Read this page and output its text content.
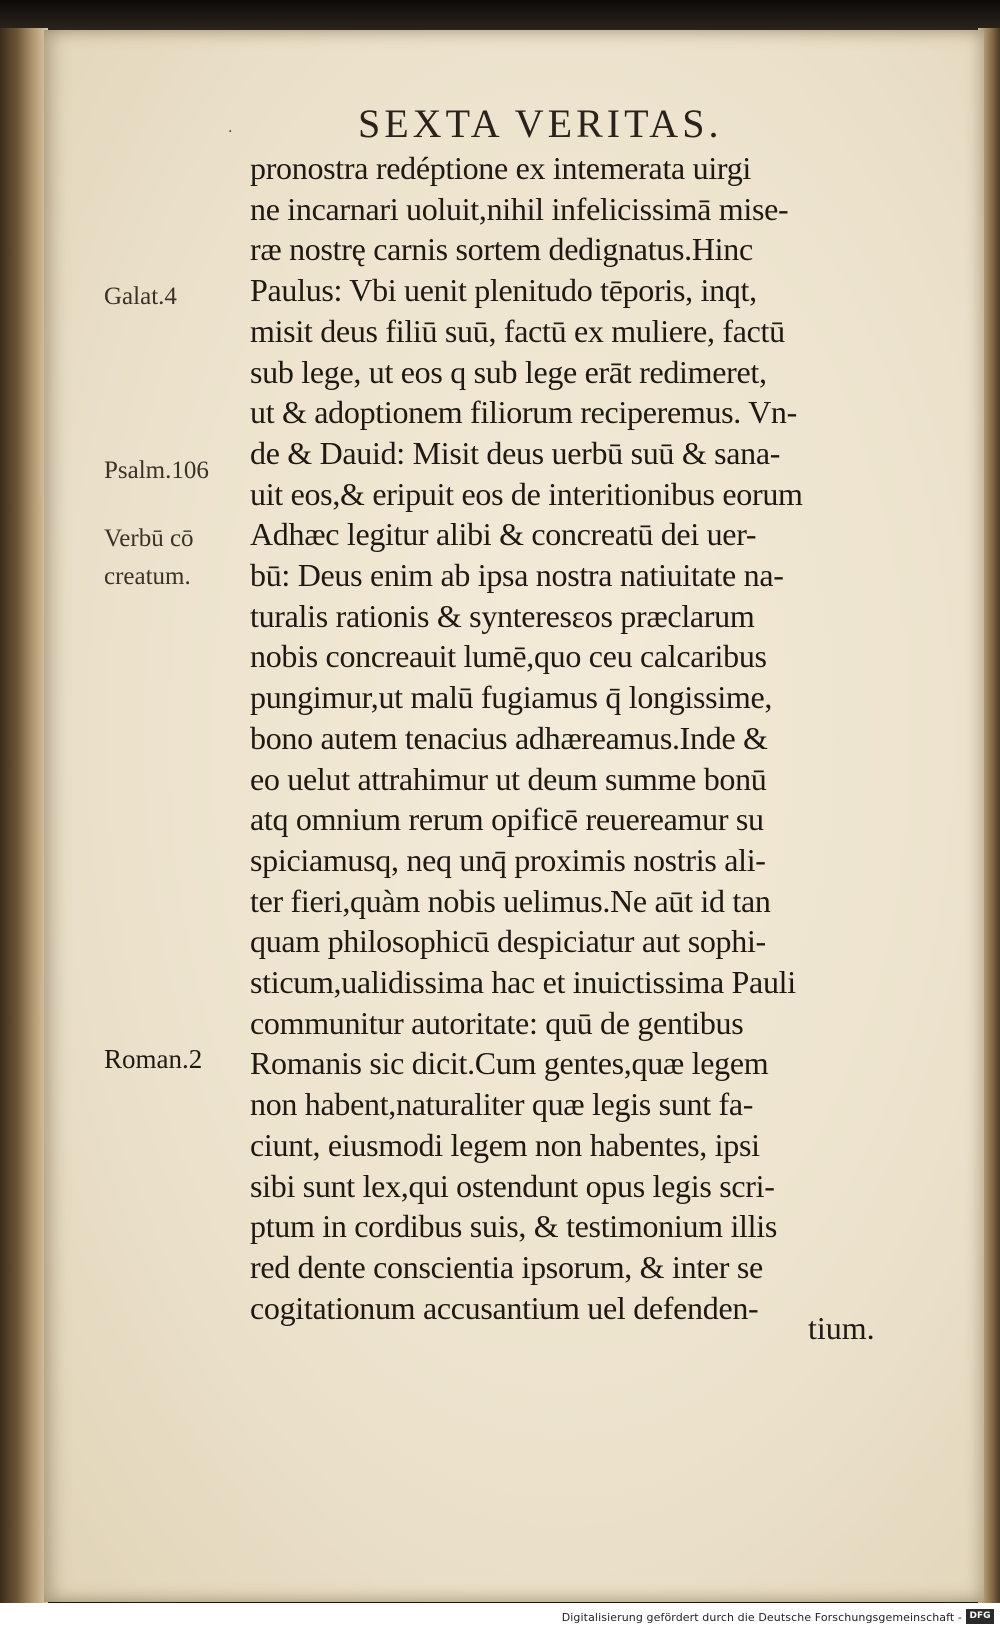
·	SEXTA VERITAS.
pronostra redéptione ex intemerata uirgi
ne incarnari uoluit,nihil infelicissimā mise-
ræ nostrę carnis sortem dedignatus.Hinc
Paulus: Vbi uenit plenitudo tēporis, inqt,
misit deus filiū suū, factū ex muliere, factū
sub lege, ut eos q sub lege erāt redimeret,
ut & adoptionem filiorum reciperemus. Vn-
de & Dauid: Misit deus uerbū suū & sana-
uit eos,& eripuit eos de interitionibus eorum
Adhæc legitur alibi & concreatū dei uer-
bū: Deus enim ab ipsa nostra natiuitate na-
turalis rationis & synteresεos præclarum
nobis concreauit lumē,quo ceu calcaribus
pungimur,ut malū fugiamus q̄ longissime,
bono autem tenacius adhæreamus.Inde &
eo uelut attrahimur ut deum summe bonū
atq omnium rerum opificē reuereamur su
spiciamusq, neq unq̄ proximis nostris ali-
ter fieri,quàm nobis uelimus.Ne aūt id tan
quam philosophicū despiciatur aut sophi-
sticum,ualidissima hac et inuictissima Pauli
communitur autoritate: quū de gentibus
Romanis sic dicit.Cum gentes,quæ legem
non habent,naturaliter quæ legis sunt fa-
ciunt, eiusmodi legem non habentes, ipsi
sibi sunt lex,qui ostendunt opus legis scri-
ptum in cordibus suis, & testimonium illis
red dente conscientia ipsorum, & inter se
cogitationum accusantium uel defenden-
tium.
Galat.4
Psalm.106
Verbū cō
creatum.
Roman.2
Digitalisierung gefördert durch die Deutsche Forschungsgemeinschaft - DFG
